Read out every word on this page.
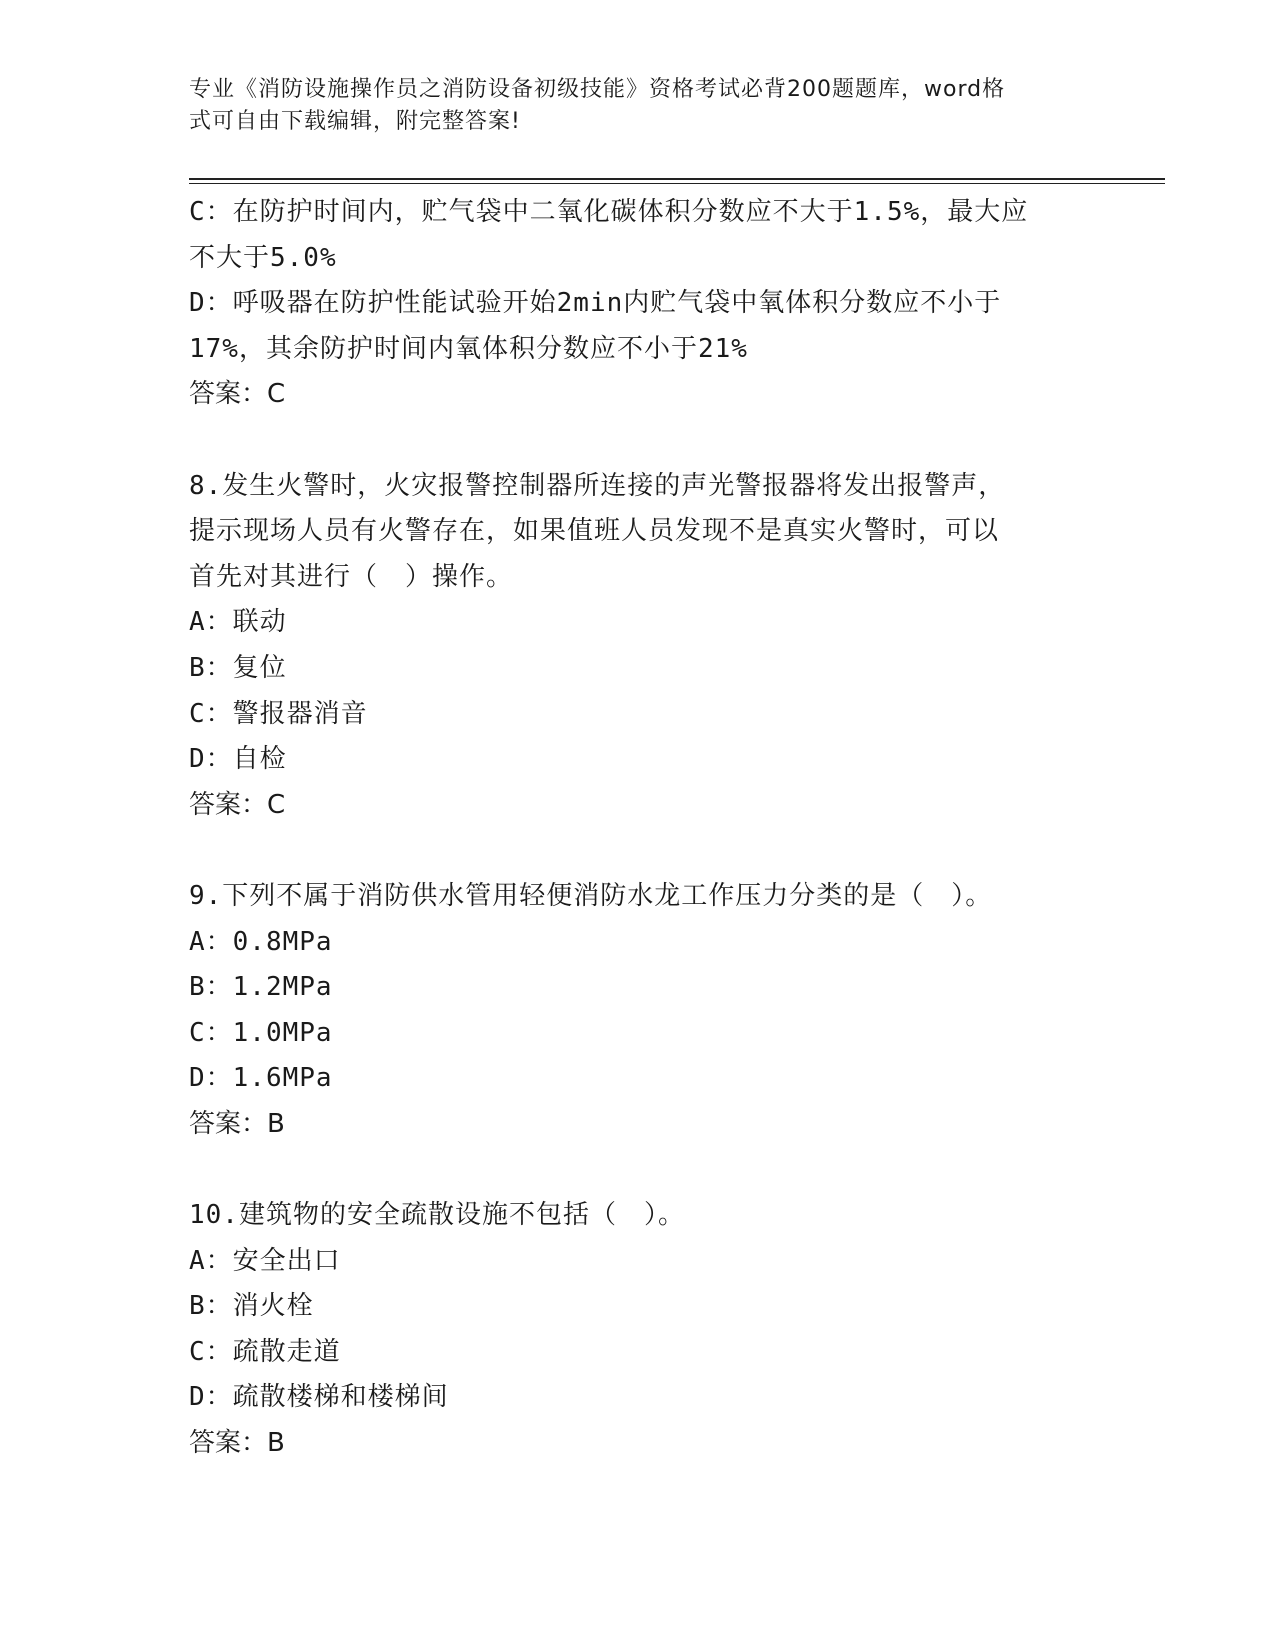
专业《消防设施操作员之消防设备初级技能》资格考试必背200题题库，word格
式可自由下载编辑，附完整答案!
C：在防护时间内，贮气袋中二氧化碳体积分数应不大于1.5%，最大应
不大于5.0%
D：呼吸器在防护性能试验开始2min内贮气袋中氧体积分数应不小于
17%，其余防护时间内氧体积分数应不小于21%
答案：C
8.发生火警时，火灾报警控制器所连接的声光警报器将发出报警声，
提示现场人员有火警存在，如果值班人员发现不是真实火警时，可以
首先对其进行（　）操作。
A：联动
B：复位
C：警报器消音
D：自检
答案：C
9.下列不属于消防供水管用轻便消防水龙工作压力分类的是（　）。
A：0.8MPa
B：1.2MPa
C：1.0MPa
D：1.6MPa
答案：B
10.建筑物的安全疏散设施不包括（　）。
A：安全出口
B：消火栓
C：疏散走道
D：疏散楼梯和楼梯间
答案：B
